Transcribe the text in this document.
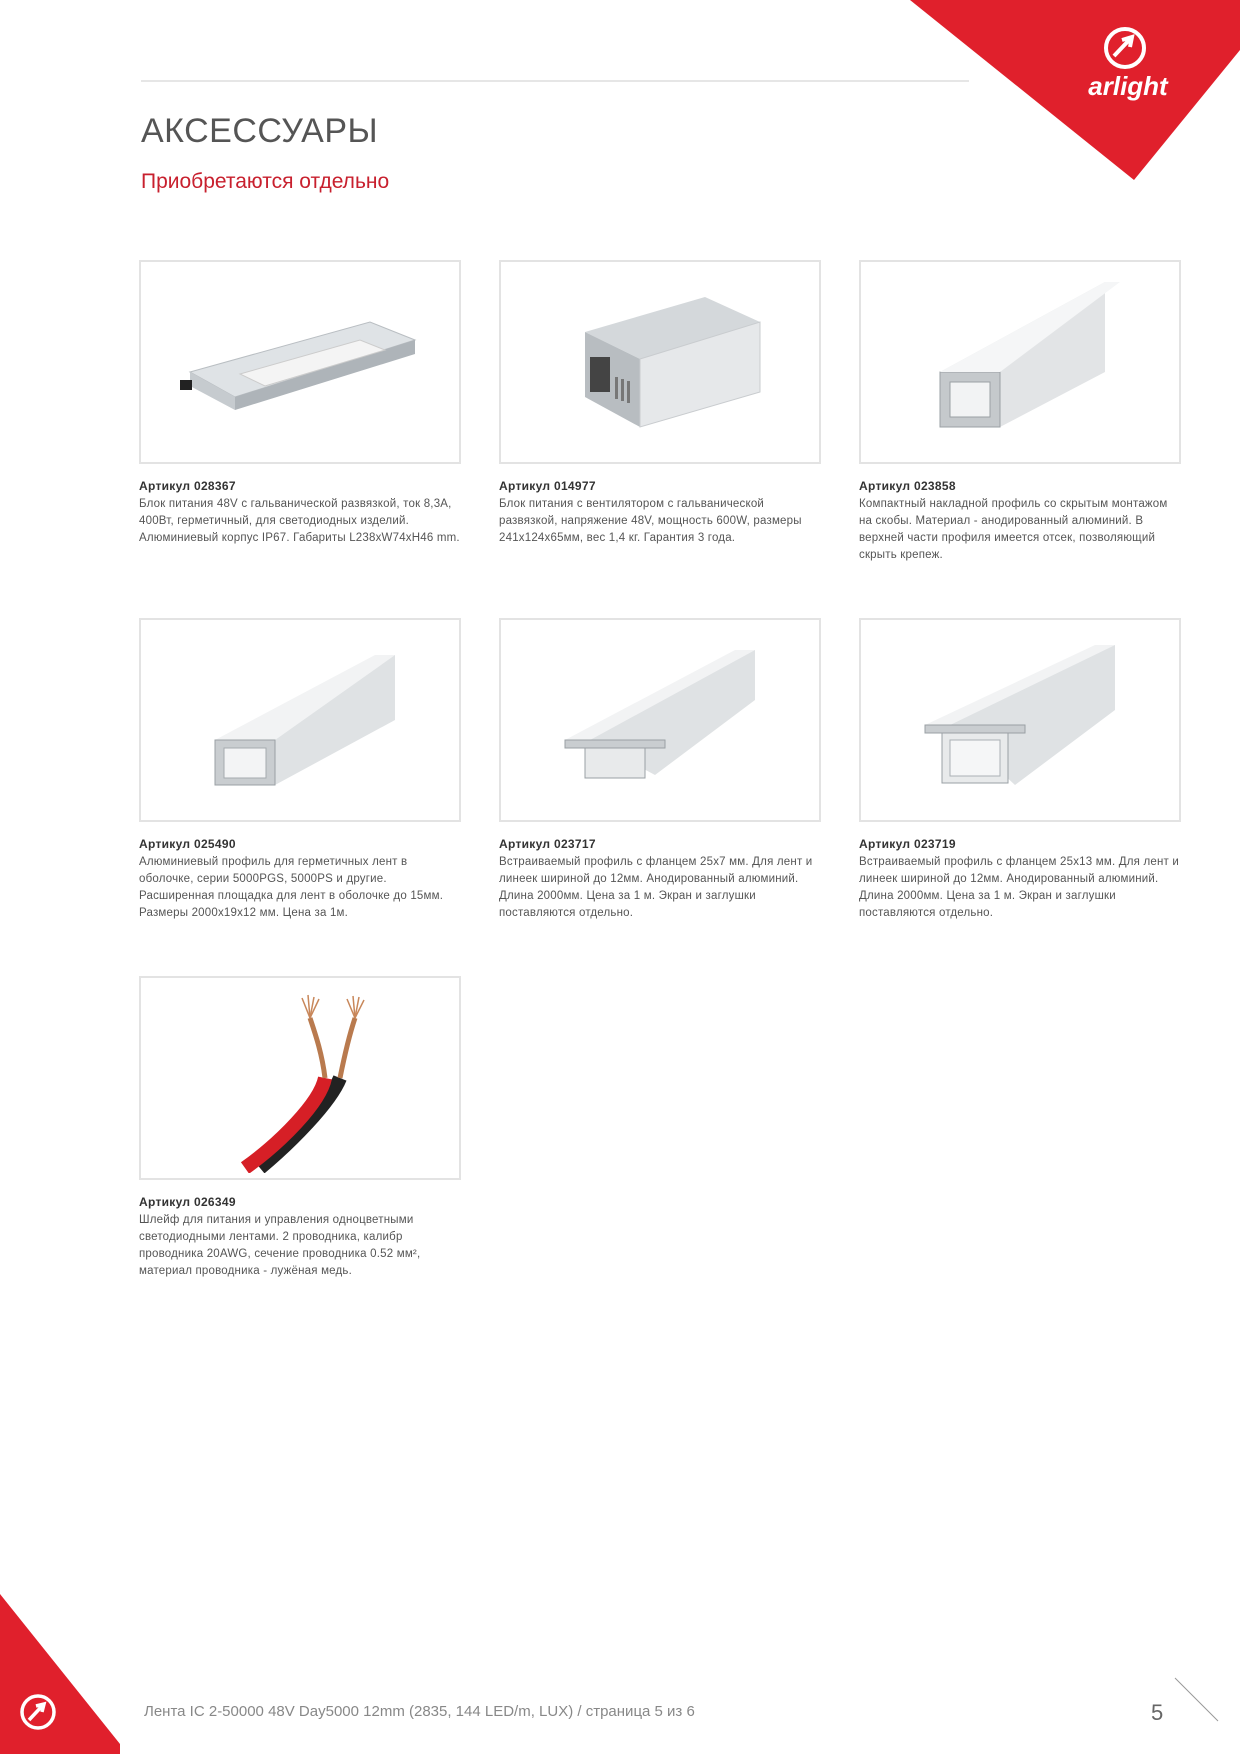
arlight
АКСЕССУАРЫ
Приобретаются отдельно
Артикул 028367
Блок питания 48V с гальванической развязкой, ток 8,3А, 400Вт, герметичный, для светодиодных изделий. Алюминиевый корпус IP67. Габариты L238xW74xH46 mm.
Артикул 014977
Блок питания с вентилятором с гальванической развязкой, напряжение 48V, мощность 600W, размеры 241х124х65мм, вес 1,4 кг. Гарантия 3 года.
Артикул 023858
Компактный накладной профиль со скрытым монтажом на скобы. Материал - анодированный алюминий. В верхней части профиля имеется отсек, позволяющий скрыть крепеж.
Артикул 025490
Алюминиевый профиль для герметичных лент в оболочке, серии 5000PGS, 5000PS и другие. Расширенная площадка для лент в оболочке до 15мм. Размеры 2000х19х12 мм. Цена за 1м.
Артикул 023717
Встраиваемый профиль с фланцем 25х7 мм. Для лент и линеек шириной до 12мм. Анодированный алюминий. Длина 2000мм. Цена за 1 м. Экран и заглушки поставляются отдельно.
Артикул 023719
Встраиваемый профиль с фланцем 25х13 мм. Для лент и линеек шириной до 12мм. Анодированный алюминий. Длина 2000мм. Цена за 1 м. Экран и заглушки поставляются отдельно.
Артикул 026349
Шлейф для питания и управления одноцветными светодиодными лентами. 2 проводника, калибр проводника 20AWG, сечение проводника 0.52 мм², материал проводника - лужёная медь.
Лента IC 2-50000 48V Day5000 12mm (2835, 144 LED/m, LUX) / страница 5 из 6	5
